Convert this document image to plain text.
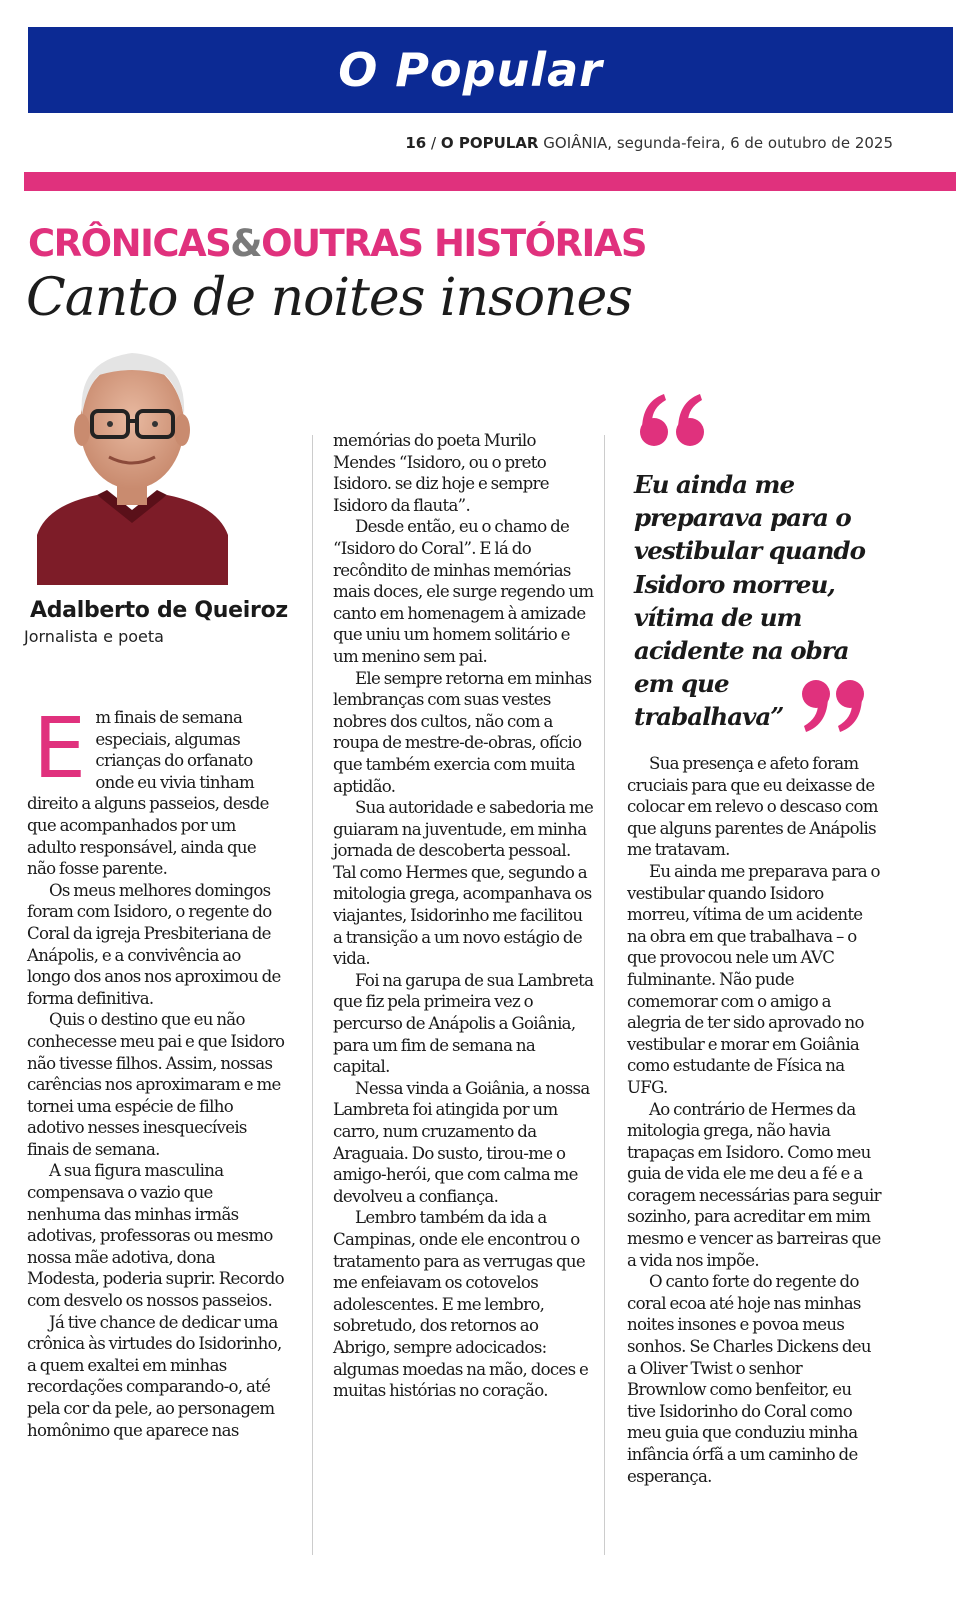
O Popular
16 / O POPULAR GOIÂNIA, segunda-feira, 6 de outubro de 2025
CRÔNICAS&OUTRAS HISTÓRIAS
Canto de noites insones
Adalberto de Queiroz
Jornalista e poeta

Em finais de semana especiais, algumas crianças do orfanato onde eu vivia tinham direito a alguns passeios, desde que acompanhados por um adulto responsável, ainda que não fosse parente.

Os meus melhores domingos foram com Isidoro, o regente do Coral da igreja Presbiteriana de Anápolis, e a convivência ao longo dos anos nos aproximou de forma definitiva.

Quis o destino que eu não conhecesse meu pai e que Isidoro não tivesse filhos. Assim, nossas carências nos aproximaram e me tornei uma espécie de filho adotivo nesses inesquecíveis finais de semana.

A sua figura masculina compensava o vazio que nenhuma das minhas irmãs adotivas, professoras ou mesmo nossa mãe adotiva, dona Modesta, poderia suprir. Recordo com desvelo os nossos passeios.

Já tive chance de dedicar uma crônica às virtudes do Isidorinho, a quem exaltei em minhas recordações comparando-o, até pela cor da pele, ao personagem homônimo que aparece nas

memórias do poeta Murilo Mendes “Isidoro, ou o preto Isidoro. se diz hoje e sempre Isidoro da flauta”.

Desde então, eu o chamo de “Isidoro do Coral”. E lá do recôndito de minhas memórias mais doces, ele surge regendo um canto em homenagem à amizade que uniu um homem solitário e um menino sem pai.

Ele sempre retorna em minhas lembranças com suas vestes nobres dos cultos, não com a roupa de mestre-de-obras, ofício que também exercia com muita aptidão.

Sua autoridade e sabedoria me guiaram na juventude, em minha jornada de descoberta pessoal. Tal como Hermes que, segundo a mitologia grega, acompanhava os viajantes, Isidorinho me facilitou a transição a um novo estágio de vida.

Foi na garupa de sua Lambreta que fiz pela primeira vez o percurso de Anápolis a Goiânia, para um fim de semana na capital.

Nessa vinda a Goiânia, a nossa Lambreta foi atingida por um carro, num cruzamento da Araguaia. Do susto, tirou-me o amigo-herói, que com calma me devolveu a confiança.

Lembro também da ida a Campinas, onde ele encontrou o tratamento para as verrugas que me enfeiavam os cotovelos adolescentes. E me lembro, sobretudo, dos retornos ao Abrigo, sempre adocicados: algumas moedas na mão, doces e muitas histórias no coração.

Eu ainda me preparava para o vestibular quando Isidoro morreu, vítima de um acidente na obra em que trabalhava”

Sua presença e afeto foram cruciais para que eu deixasse de colocar em relevo o descaso com que alguns parentes de Anápolis me tratavam.

Eu ainda me preparava para o vestibular quando Isidoro morreu, vítima de um acidente na obra em que trabalhava – o que provocou nele um AVC fulminante. Não pude comemorar com o amigo a alegria de ter sido aprovado no vestibular e morar em Goiânia como estudante de Física na UFG.

Ao contrário de Hermes da mitologia grega, não havia trapaças em Isidoro. Como meu guia de vida ele me deu a fé e a coragem necessárias para seguir sozinho, para acreditar em mim mesmo e vencer as barreiras que a vida nos impõe.

O canto forte do regente do coral ecoa até hoje nas minhas noites insones e povoa meus sonhos. Se Charles Dickens deu a Oliver Twist o senhor Brownlow como benfeitor, eu tive Isidorinho do Coral como meu guia que conduziu minha infância órfã a um caminho de esperança.
